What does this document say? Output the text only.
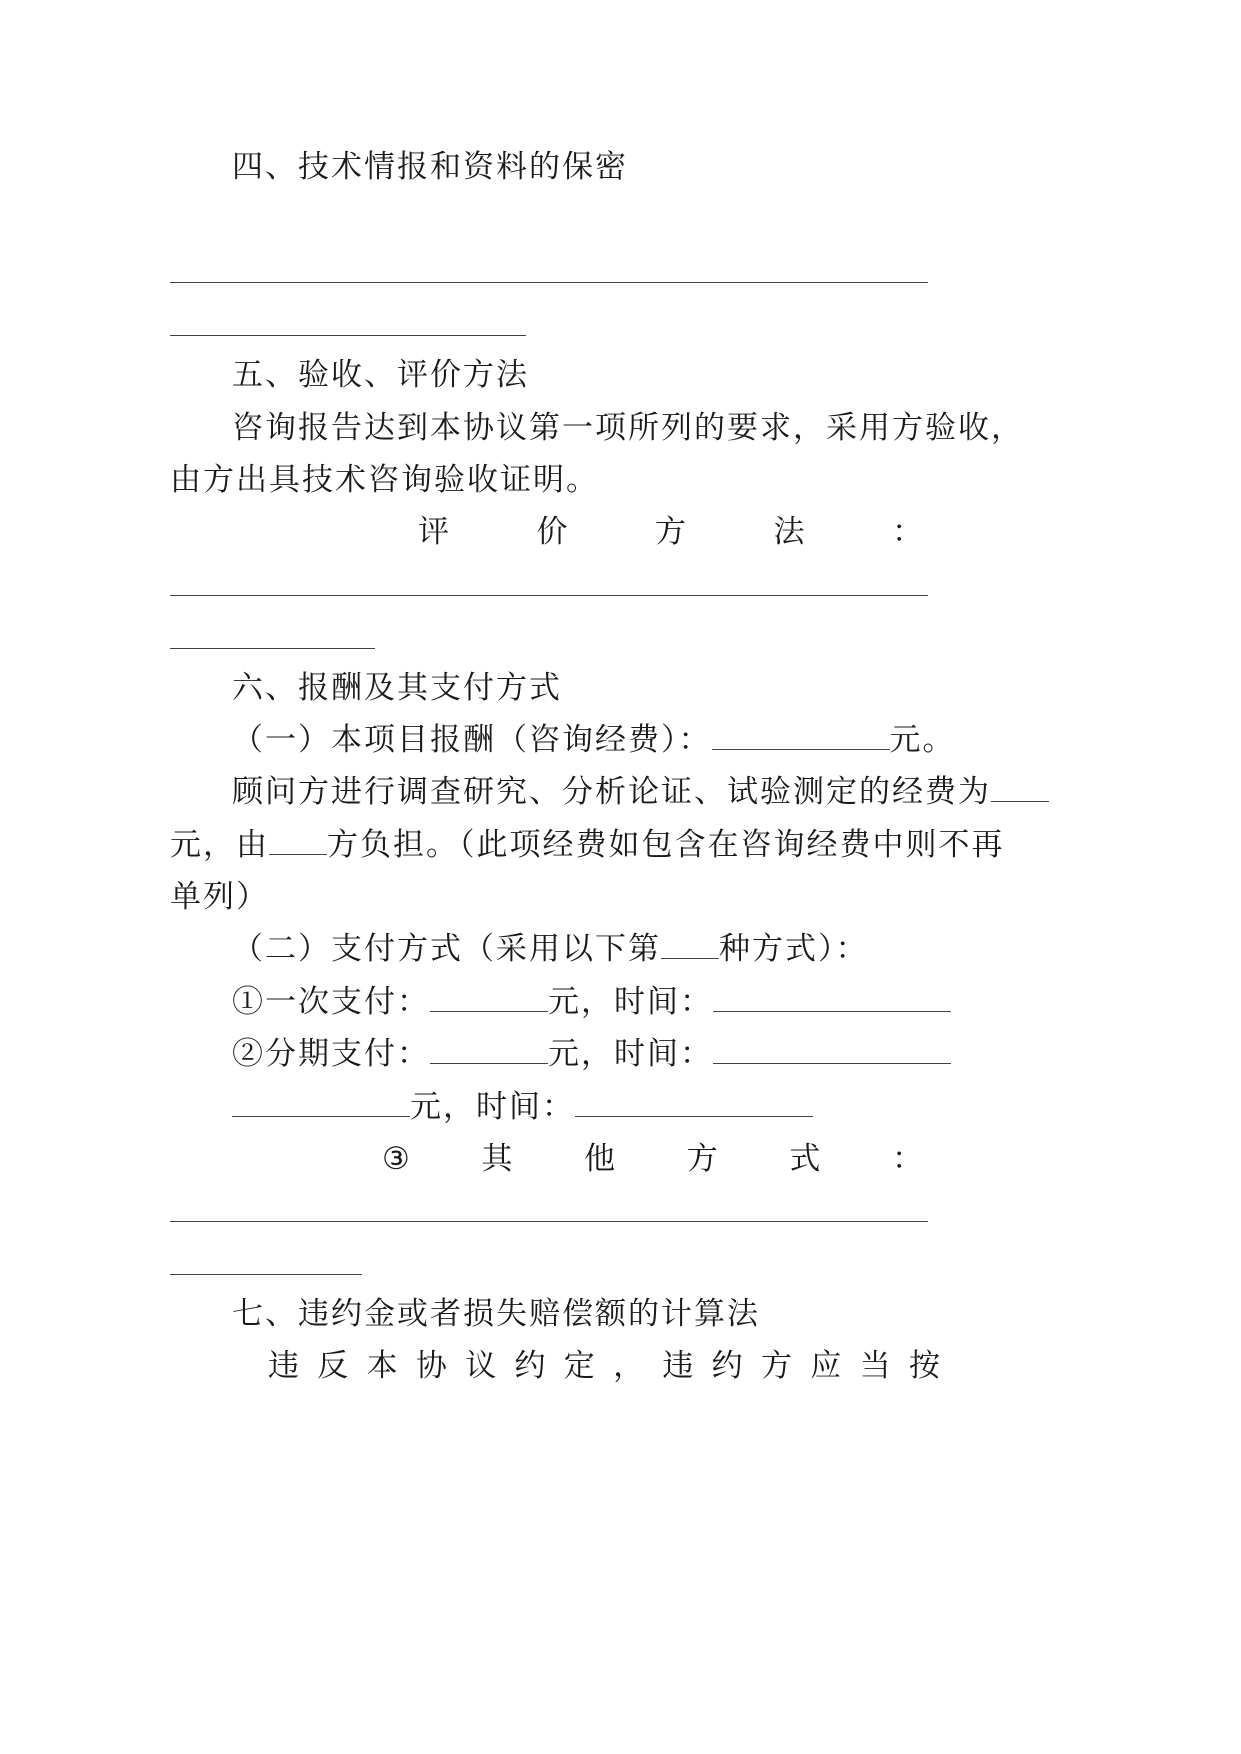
四、技术情报和资料的保密
五、验收、评价方法
咨询报告达到本协议第一项所列的要求，采用方验收，
由方出具技术咨询验收证明。
评	价	方	法	：
六、报酬及其支付方式
（一）本项目报酬（咨询经费）：	元。
顾问方进行调查研究、分析论证、试验测定的经费为
元，由 方负担。（此项经费如包含在咨询经费中则不再
单列）
（二）支付方式（采用以下第 种方式）：
①一次支付：	元，时间：
②分期支付：	元，时间：
元，时间：
③ 其 他 方 式 ：
七、违约金或者损失赔偿额的计算法
违 反 本 协 议 约 定 ， 违 约 方 应 当 按
